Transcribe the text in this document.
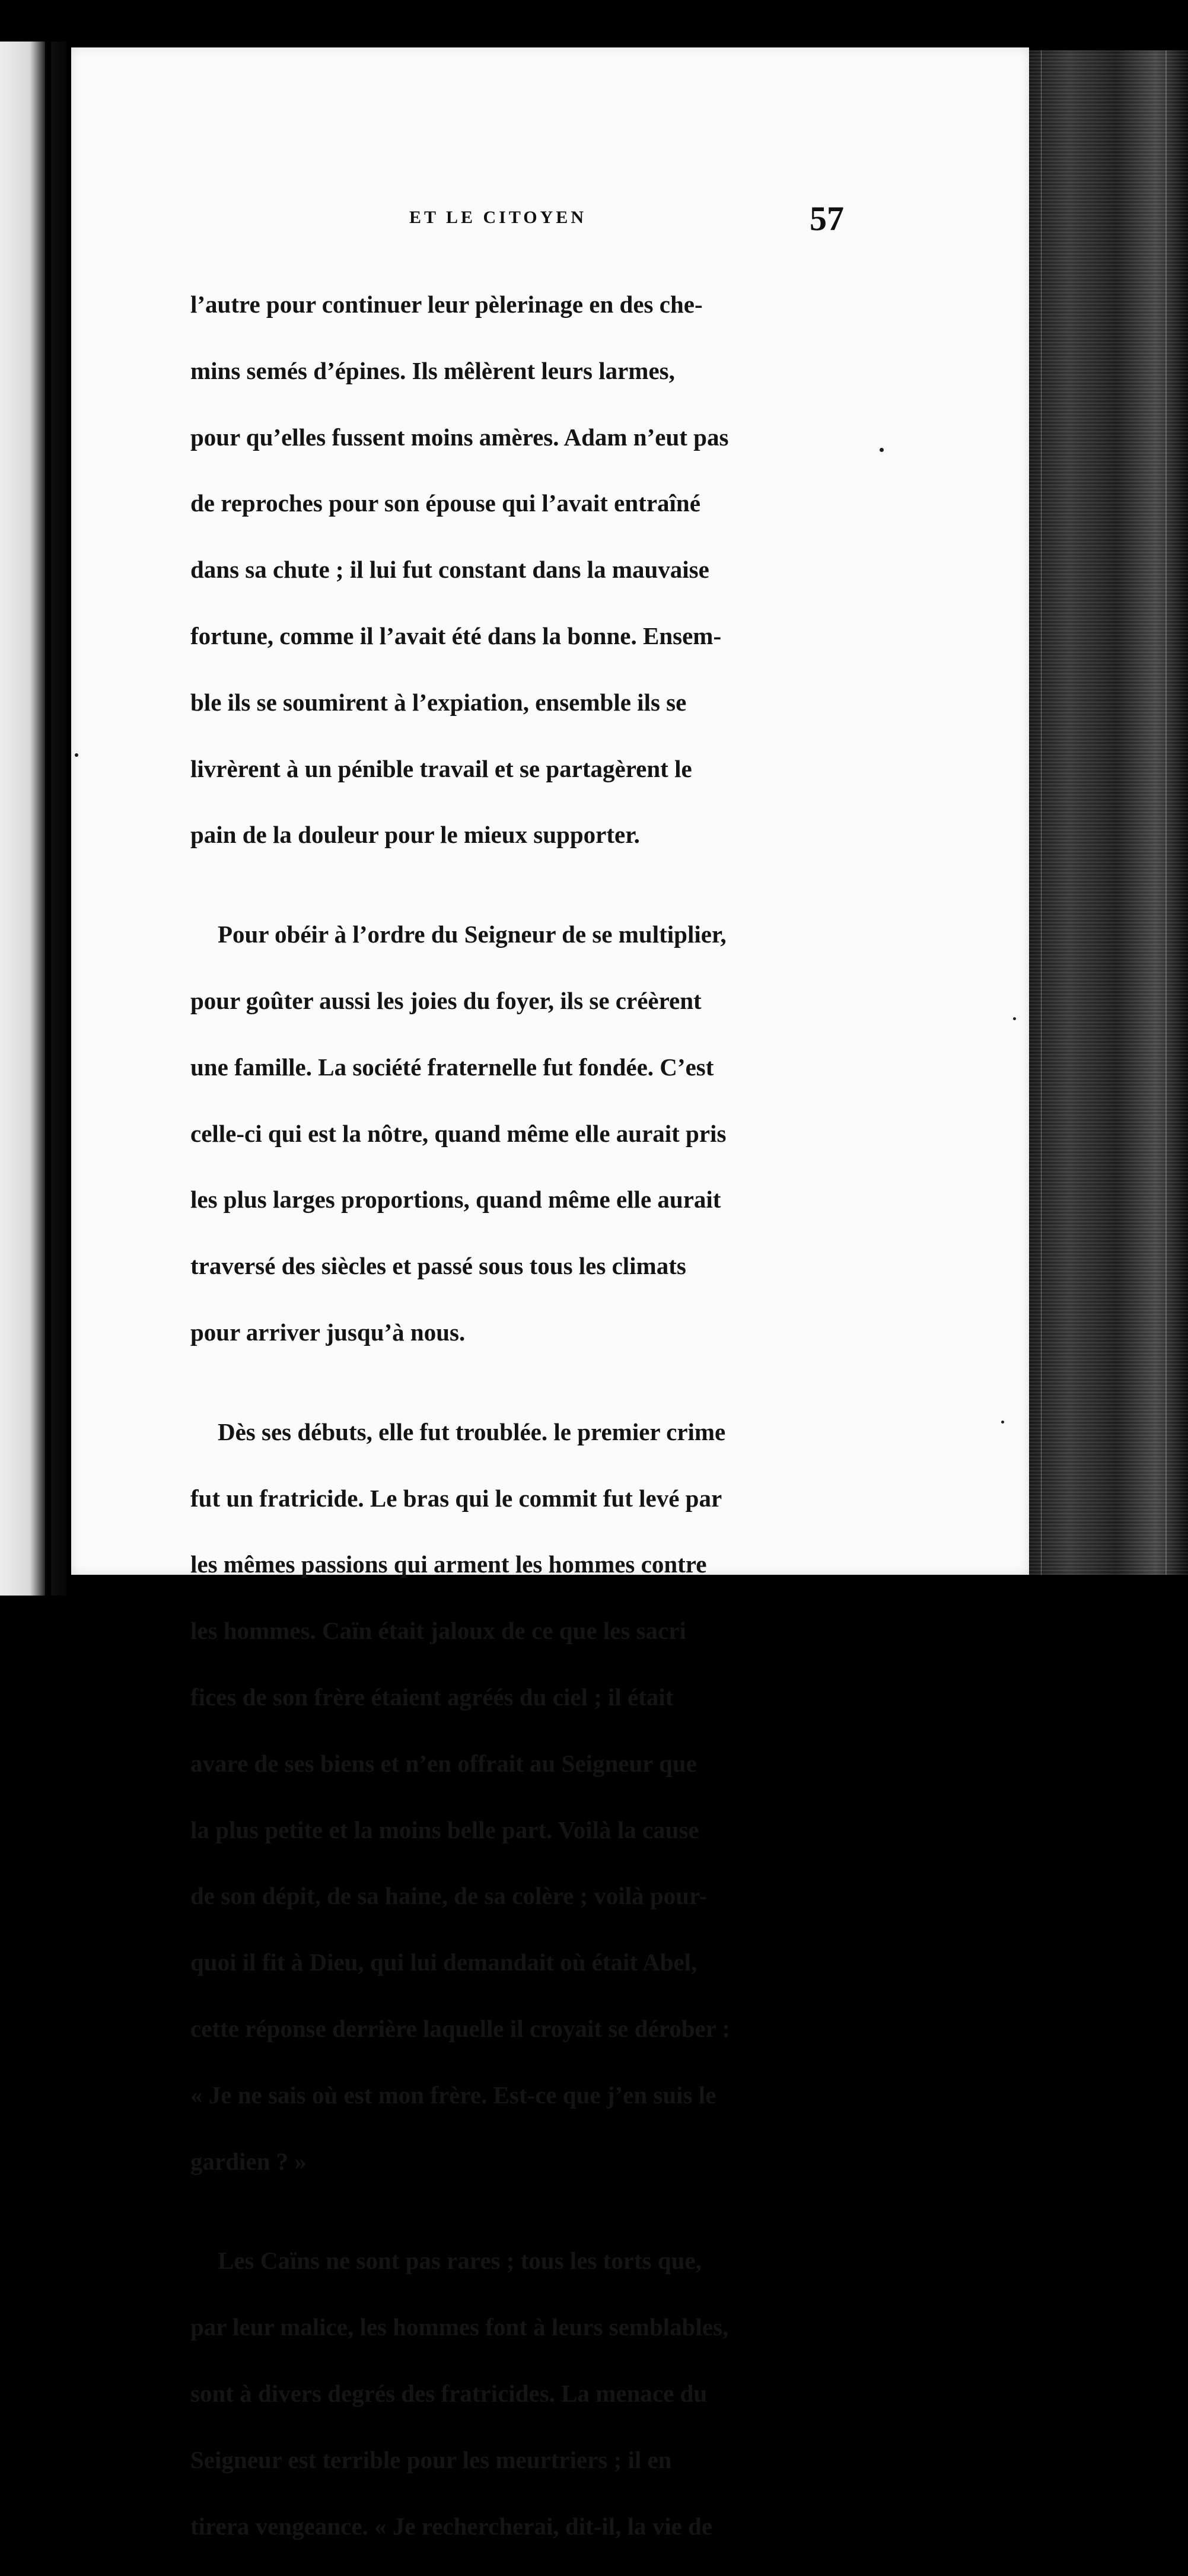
ET LE CITOYEN	57

l’autre pour continuer leur pèlerinage en des che-

mins semés d’épines. Ils mêlèrent leurs larmes,

pour qu’elles fussent moins amères. Adam n’eut pas

de reproches pour son épouse qui l’avait entraîné

dans sa chute ; il lui fut constant dans la mauvaise

fortune, comme il l’avait été dans la bonne. Ensem-

ble ils se soumirent à l’expiation, ensemble ils se

livrèrent à un pénible travail et se partagèrent le

pain de la douleur pour le mieux supporter.

Pour obéir à l’ordre du Seigneur de se multiplier,

pour goûter aussi les joies du foyer, ils se créèrent

une famille. La société fraternelle fut fondée. C’est

celle-ci qui est la nôtre, quand même elle aurait pris

les plus larges proportions, quand même elle aurait

traversé des siècles et passé sous tous les climats

pour arriver jusqu’à nous.

Dès ses débuts, elle fut troublée. le premier crime

fut un fratricide. Le bras qui le commit fut levé par

les mêmes passions qui arment les hommes contre

les hommes. Caïn était jaloux de ce que les sacri

fices de son frère étaient agréés du ciel ; il était

avare de ses biens et n’en offrait au Seigneur que

la plus petite et la moins belle part. Voilà la cause

de son dépit, de sa haine, de sa colère ; voilà pour-

quoi il fit à Dieu, qui lui demandait où était Abel,

cette réponse derrière laquelle il croyait se dérober :

« Je ne sais où est mon frère. Est-ce que j’en suis le

gardien ? »

Les Caïns ne sont pas rares ; tous les torts que,

par leur malice, les hommes font à leurs semblables,

sont à divers degrés des fratricides. La menace du

Seigneur est terrible pour les meurtriers ; il en

tirera vengeance. « Je rechercherai, dit-il, la vie de
